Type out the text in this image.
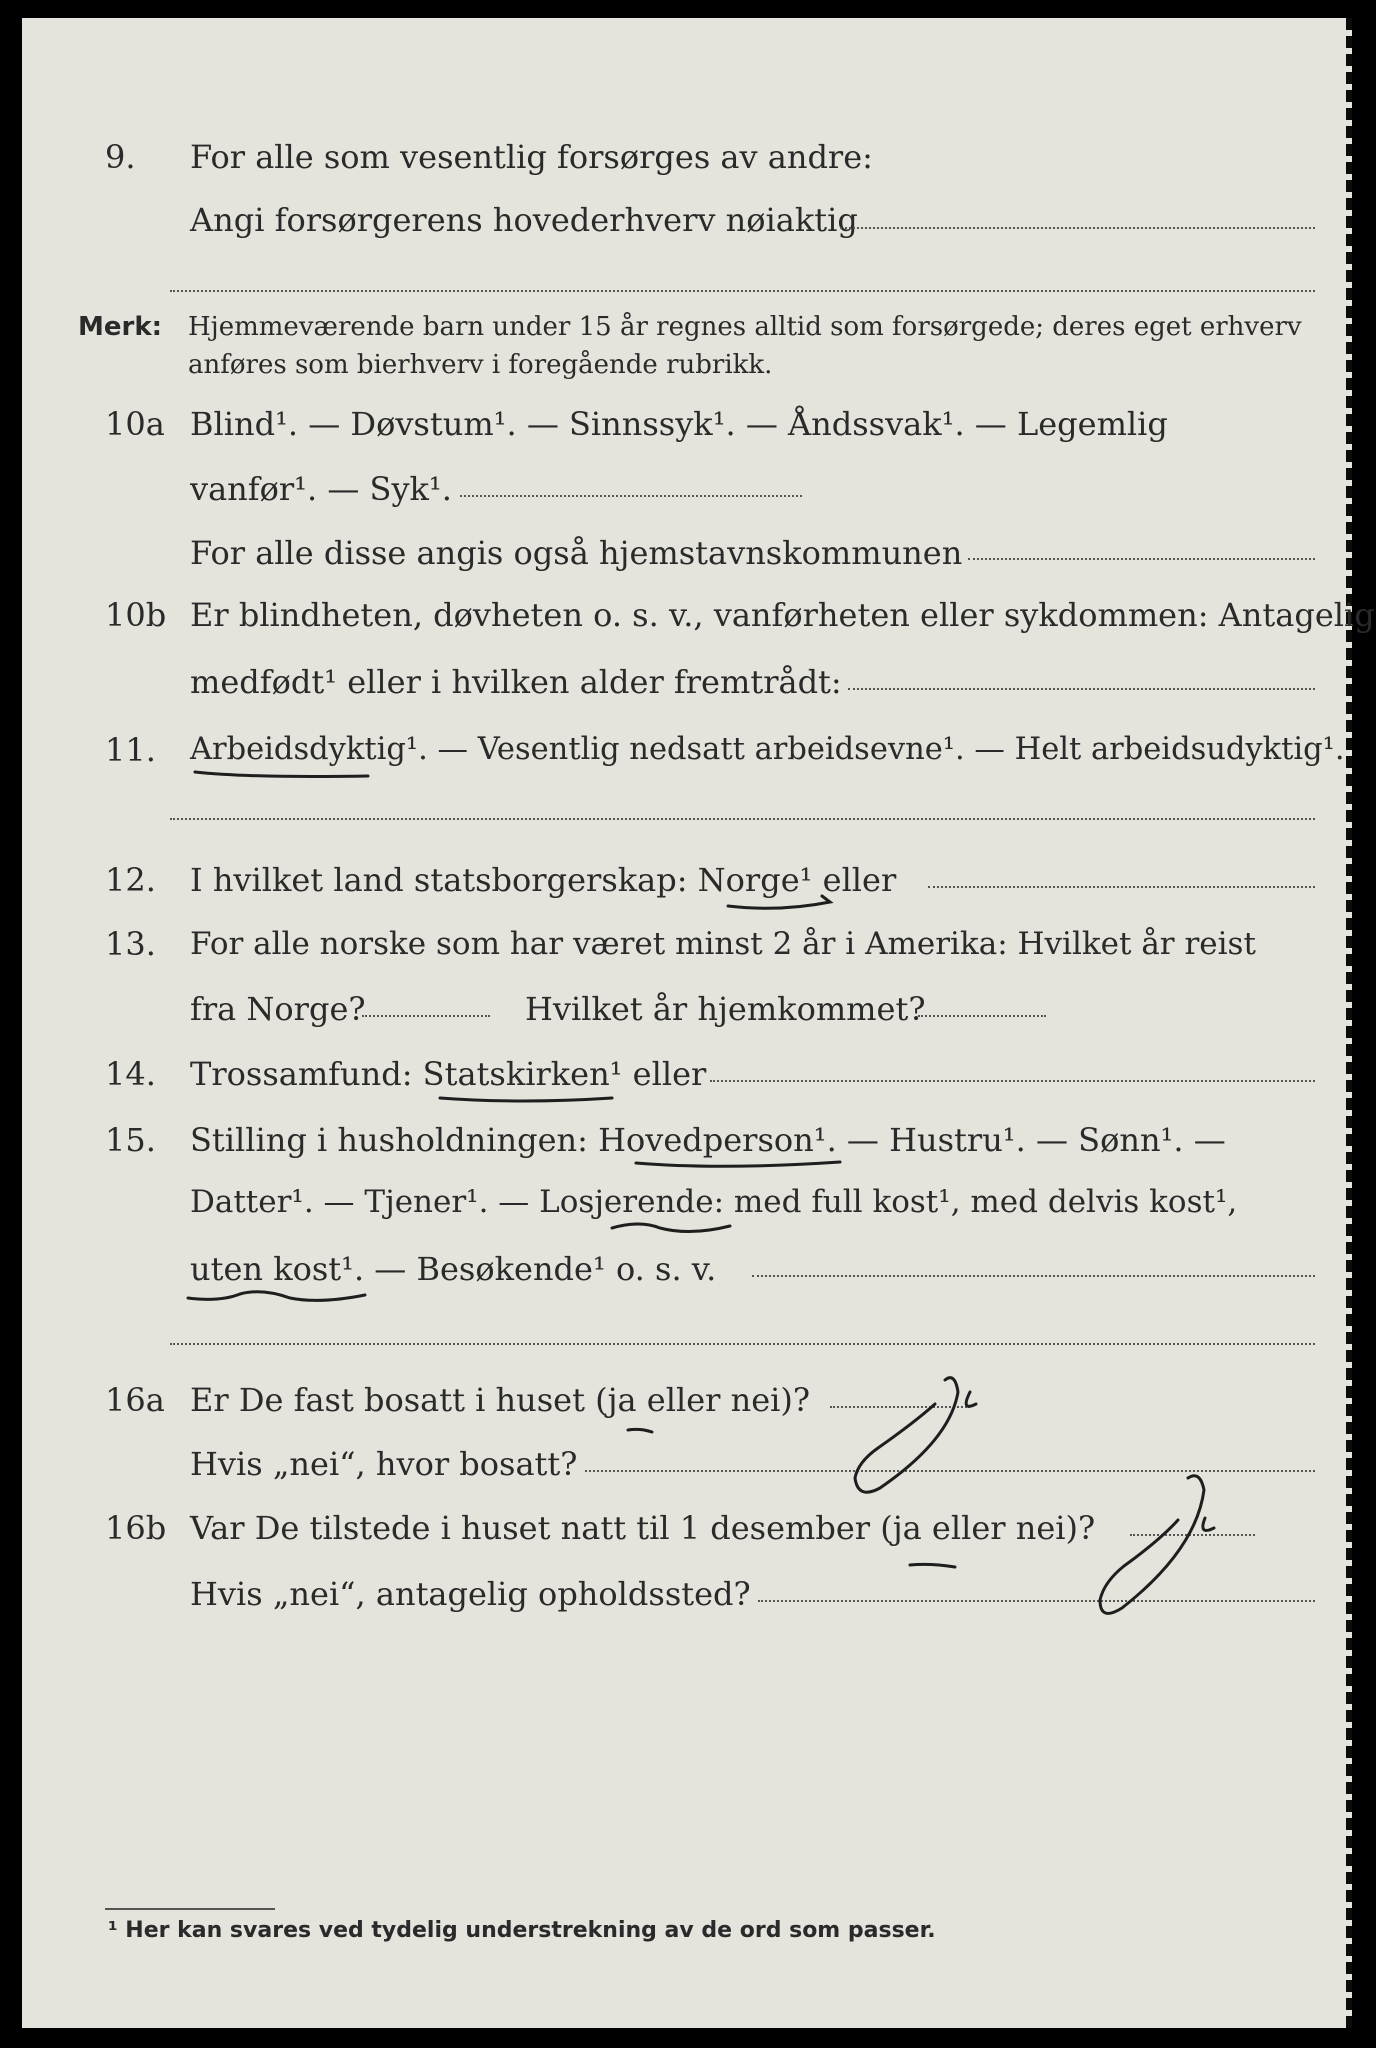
9.	For alle som vesentlig forsørges av andre:
Angi forsørgerens hovederhverv nøiaktig
Merk: Hjemmeværende barn under 15 år regnes alltid som forsørgede; deres eget erhverv
anføres som bierhverv i foregående rubrikk.
10a Blind¹. — Døvstum¹. — Sinnssyk¹. — Åndssvak¹. — Legemlig
vanfør¹. — Syk¹.
For alle disse angis også hjemstavnskommunen
10b Er blindheten, døvheten o. s. v., vanførheten eller sykdommen: Antagelig
medfødt¹ eller i hvilken alder fremtrådt:
11.	Arbeidsdyktig¹. — Vesentlig nedsatt arbeidsevne¹. — Helt arbeidsudyktig¹.
12.	I hvilket land statsborgerskap: Norge¹ eller
13.	For alle norske som har været minst 2 år i Amerika: Hvilket år reist
fra Norge?	Hvilket år hjemkommet?
14.	Trossamfund: Statskirken¹ eller
15.	Stilling i husholdningen: Hovedperson¹. — Hustru¹. — Sønn¹. —
Datter¹. — Tjener¹. — Losjerende: med full kost¹, med delvis kost¹,
uten kost¹. — Besøkende¹ o. s. v.
16a Er De fast bosatt i huset (ja eller nei)?
Hvis „nei“, hvor bosatt?
16b Var De tilstede i huset natt til 1 desember (ja eller nei)?
Hvis „nei“, antagelig opholdssted?
¹ Her kan svares ved tydelig understrekning av de ord som passer.
